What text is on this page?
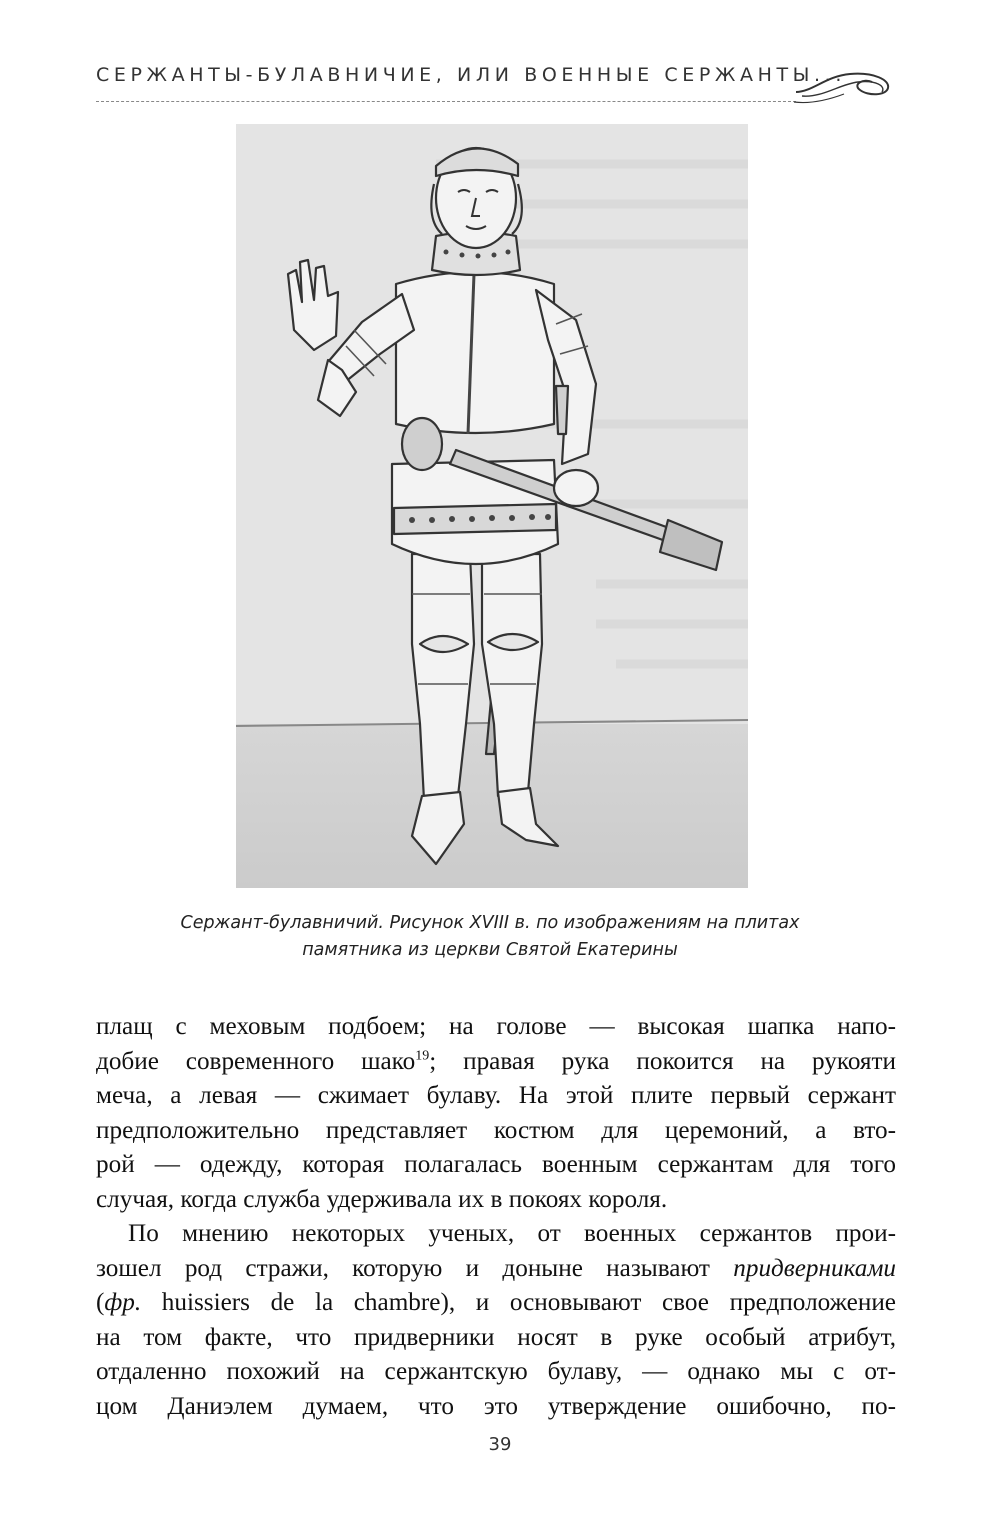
СЕРЖАНТЫ-БУЛАВНИЧИЕ, ИЛИ ВОЕННЫЕ СЕРЖАНТЫ...
Сержант-булавничий. Рисунок XVIII в. по изображениям на плитах
памятника из церкви Святой Екатерины
плащ с меховым подбоем; на голове — высокая шапка напо-
добие современного шако$^{19}$; правая рука покоится на рукояти
меча, а левая — сжимает булаву. На этой плите первый сержант
предположительно представляет костюм для церемоний, а вто-
рой — одежду, которая полагалась военным сержантам для того
случая, когда служба удерживала их в покоях короля.
По мнению некоторых ученых, от военных сержантов прои-
зошел род стражи, которую и доныне называют придверниками
(фр. huissiers de la chambre), и основывают свое предположение
на том факте, что придверники носят в руке особый атрибут,
отдаленно похожий на сержантскую булаву, — однако мы с от-
цом Даниэлем думаем, что это утверждение ошибочно, по-
39
